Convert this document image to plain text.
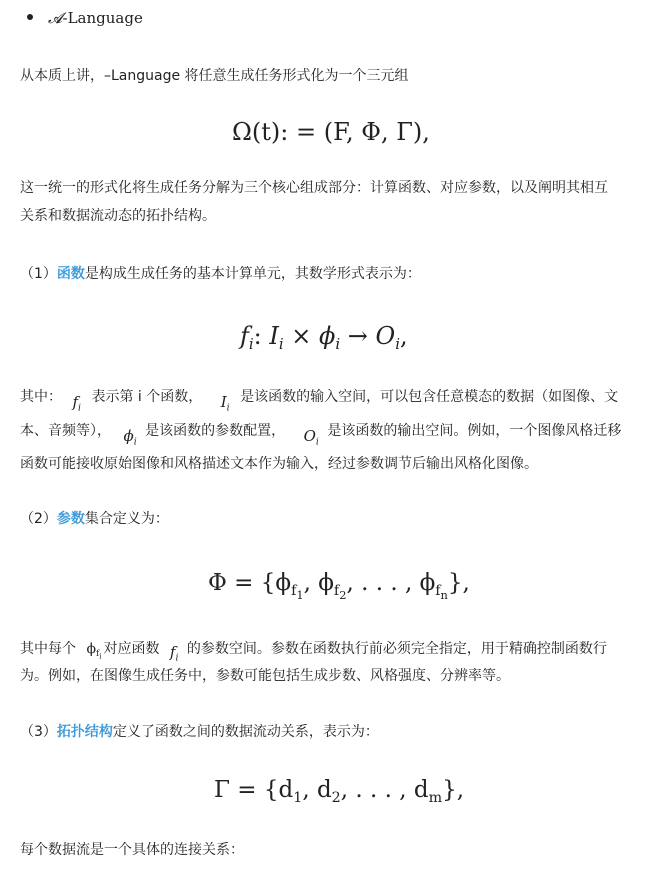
𝓐-Language
从本质上讲，–Language 将任意生成任务形式化为一个三元组
Ω(t): = (F, Φ, Γ),
这一统一的形式化将生成任务分解为三个核心组成部分：计算函数、对应参数，以及阐明其相互
关系和数据流动态的拓扑结构。
（1）函数是构成生成任务的基本计算单元，其数学形式表示为：
$f_i$: $I_i \times \phi_i \to O_i$,
其中： $f_i$ 表示第 i 个函数， $I_i$ 是该函数的输入空间，可以包含任意模态的数据（如图像、文
本、音频等）， $\phi_i$ 是该函数的参数配置， $O_i$ 是该函数的输出空间。例如，一个图像风格迁移
函数可能接收原始图像和风格描述文本作为输入，经过参数调节后输出风格化图像。
（2）参数集合定义为：
$\Phi = \{\phi_{f_1}$, $\phi_{f_2}$, . . . , $\phi_{f_n}$},
其中每个 $\phi_{f_i}$ 对应函数 $f_i$ 的参数空间。参数在函数执行前必须完全指定，用于精确控制函数行
为。例如，在图像生成任务中，参数可能包括生成步数、风格强度、分辨率等。
（3）拓扑结构定义了函数之间的数据流动关系，表示为：
$\Gamma = \{d_1$, $d_2$, . . . , $d_m$},
每个数据流是一个具体的连接关系：
